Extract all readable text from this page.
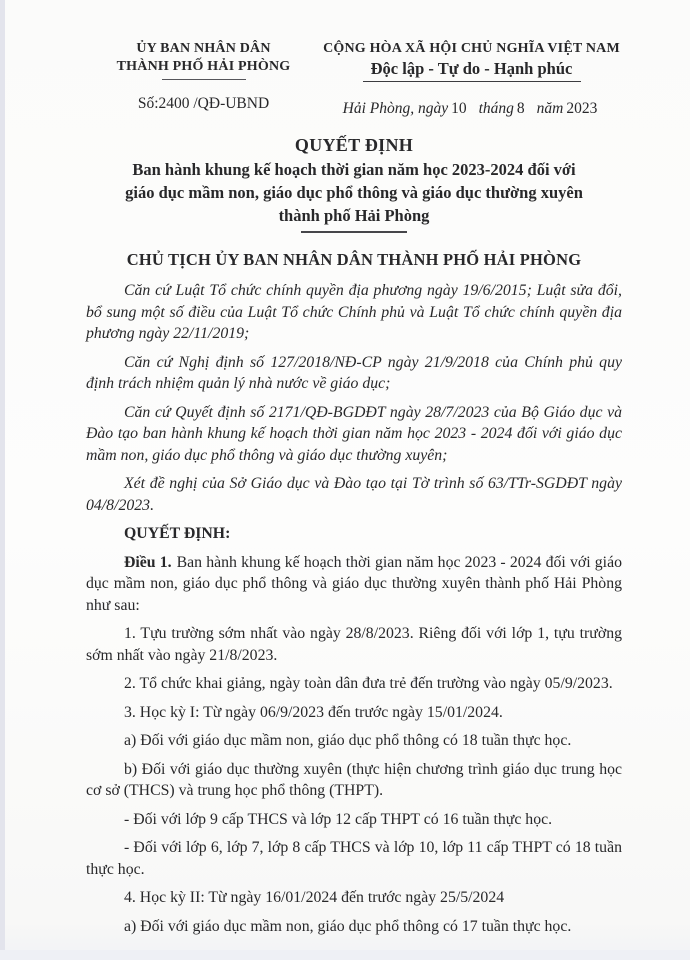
ỦY BAN NHÂN DÂN
THÀNH PHỐ HẢI PHÒNG
Số:2400 /QĐ-UBND
CỘNG HÒA XÃ HỘI CHỦ NGHĨA VIỆT NAM
Độc lập - Tự do - Hạnh phúc
Hải Phòng, ngày 10 tháng 8 năm 2023
QUYẾT ĐỊNH
Ban hành khung kế hoạch thời gian năm học 2023-2024 đối với
giáo dục mầm non, giáo dục phổ thông và giáo dục thường xuyên
thành phố Hải Phòng
CHỦ TỊCH ỦY BAN NHÂN DÂN THÀNH PHỐ HẢI PHÒNG

Căn cứ Luật Tổ chức chính quyền địa phương ngày 19/6/2015; Luật sửa đổi, bổ sung một số điều của Luật Tổ chức Chính phủ và Luật Tổ chức chính quyền địa phương ngày 22/11/2019;

Căn cứ Nghị định số 127/2018/NĐ-CP ngày 21/9/2018 của Chính phủ quy định trách nhiệm quản lý nhà nước về giáo dục;

Căn cứ Quyết định số 2171/QĐ-BGDĐT ngày 28/7/2023 của Bộ Giáo dục và Đào tạo ban hành khung kế hoạch thời gian năm học 2023 - 2024 đối với giáo dục mầm non, giáo dục phổ thông và giáo dục thường xuyên;

Xét đề nghị của Sở Giáo dục và Đào tạo tại Tờ trình số 63/TTr-SGDĐT ngày 04/8/2023.

QUYẾT ĐỊNH:

Điều 1. Ban hành khung kế hoạch thời gian năm học 2023 - 2024 đối với giáo dục mầm non, giáo dục phổ thông và giáo dục thường xuyên thành phố Hải Phòng như sau:

1. Tựu trường sớm nhất vào ngày 28/8/2023. Riêng đối với lớp 1, tựu trường sớm nhất vào ngày 21/8/2023.

2. Tổ chức khai giảng, ngày toàn dân đưa trẻ đến trường vào ngày 05/9/2023.

3. Học kỳ I: Từ ngày 06/9/2023 đến trước ngày 15/01/2024.

a) Đối với giáo dục mầm non, giáo dục phổ thông có 18 tuần thực học.

b) Đối với giáo dục thường xuyên (thực hiện chương trình giáo dục trung học cơ sở (THCS) và trung học phổ thông (THPT).

- Đối với lớp 9 cấp THCS và lớp 12 cấp THPT có 16 tuần thực học.

- Đối với lớp 6, lớp 7, lớp 8 cấp THCS và lớp 10, lớp 11 cấp THPT có 18 tuần thực học.

4. Học kỳ II: Từ ngày 16/01/2024 đến trước ngày 25/5/2024

a) Đối với giáo dục mầm non, giáo dục phổ thông có 17 tuần thực học.
